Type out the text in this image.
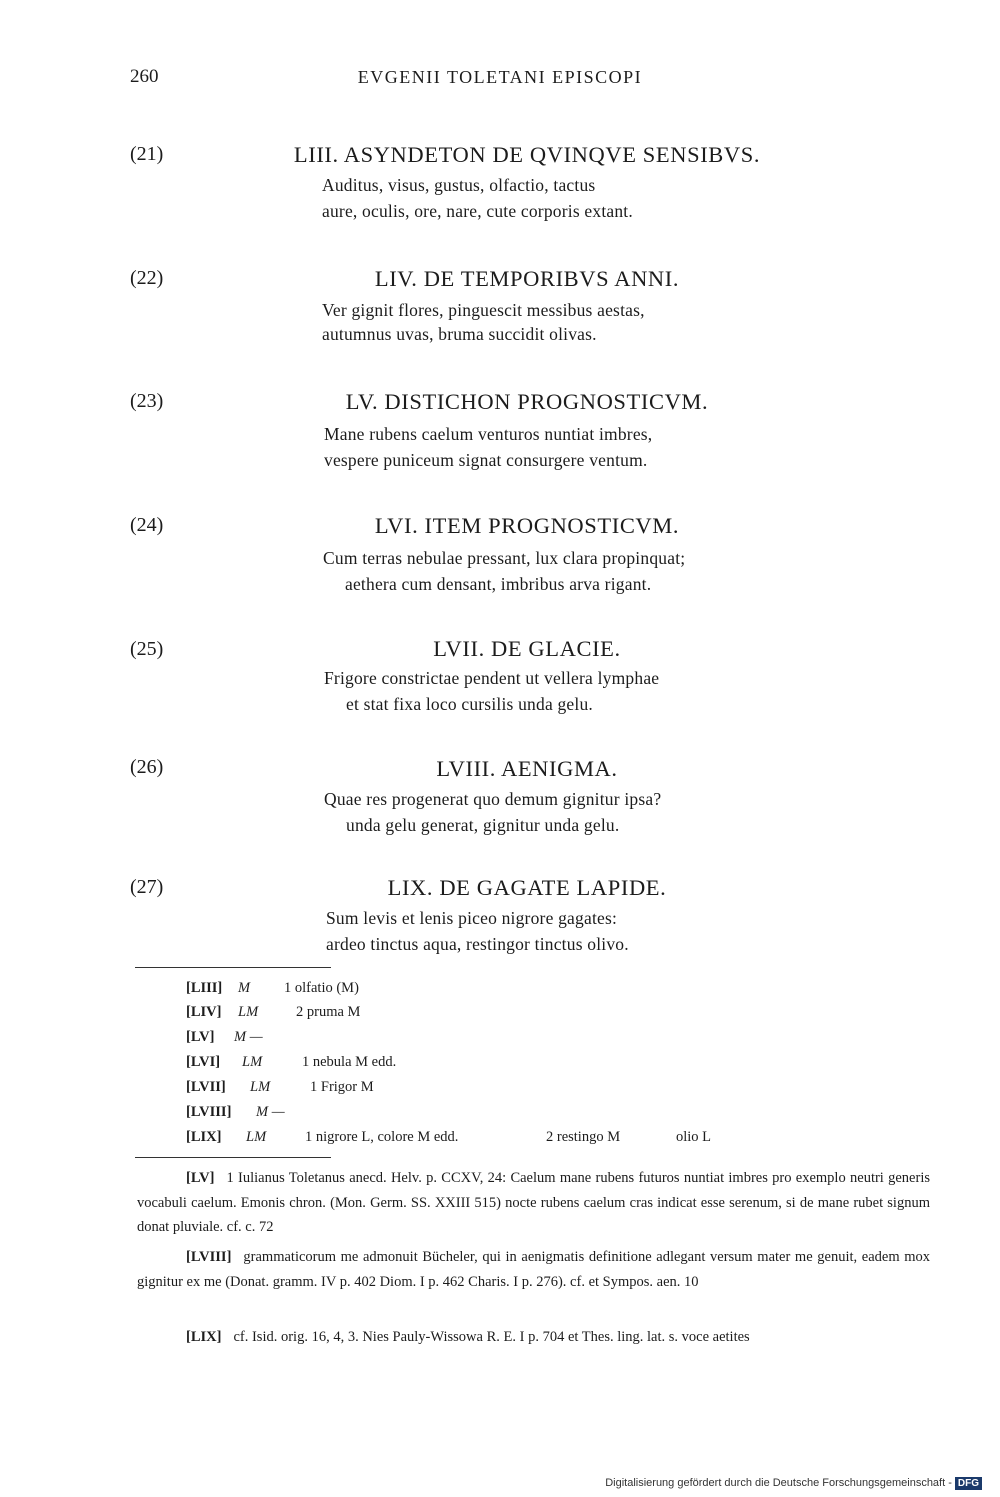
260	EVGENII TOLETANI EPISCOPI
(21)	LIII. ASYNDETON DE QVINQVE SENSIBVS.
Auditus, visus, gustus, olfactio, tactus
aure, oculis, ore, nare, cute corporis extant.
(22)	LIV. DE TEMPORIBVS ANNI.
Ver gignit flores, pinguescit messibus aestas,
autumnus uvas, bruma succidit olivas.
(23)	LV. DISTICHON PROGNOSTICVM.
Mane rubens caelum venturos nuntiat imbres,
vespere puniceum signat consurgere ventum.
(24)	LVI. ITEM PROGNOSTICVM.
Cum terras nebulae pressant, lux clara propinquat;
aethera cum densant, imbribus arva rigant.
(25)	LVII. DE GLACIE.
Frigore constrictae pendent ut vellera lymphae
et stat fixa loco cursilis unda gelu.
(26)	LVIII. AENIGMA.
Quae res progenerat quo demum gignitur ipsa?
unda gelu generat, gignitur unda gelu.
(27)	LIX. DE GAGATE LAPIDE.
Sum levis et lenis piceo nigrore gagates:
ardeo tinctus aqua, restingor tinctus olivo.
[LIII] M 1 olfatio (M)
[LIV] LM	2 pruma M
[LV] M —
[LVI] LM	1 nebula M edd.
[LVII] LM	1 Frigor M
[LVIII] M —
[LIX] LM	1 nigrore L, colore M edd.	2 restingo M	olio L
[LV] 1 Iulianus Toletanus anecd. Helv. p. CCXV, 24: Caelum mane rubens futuros nuntiat imbres pro exemplo neutri generis vocabuli caelum. Emonis chron. (Mon. Germ. SS. XXIII 515) nocte rubens caelum cras indicat esse serenum, si de mane rubet signum donat pluviale. cf. c. 72
[LVIII] grammaticorum me admonuit Bücheler, qui in aenigmatis definitione adlegant versum mater me genuit, eadem mox gignitur ex me (Donat. gramm. IV p. 402 Diom. I p. 462 Charis. I p. 276). cf. et Sympos. aen. 10
[LIX] cf. Isid. orig. 16, 4, 3. Nies Pauly-Wissowa R. E. I p. 704 et Thes. ling. lat. s. voce aetites
Digitalisierung gefördert durch die Deutsche Forschungsgemeinschaft - DFG
